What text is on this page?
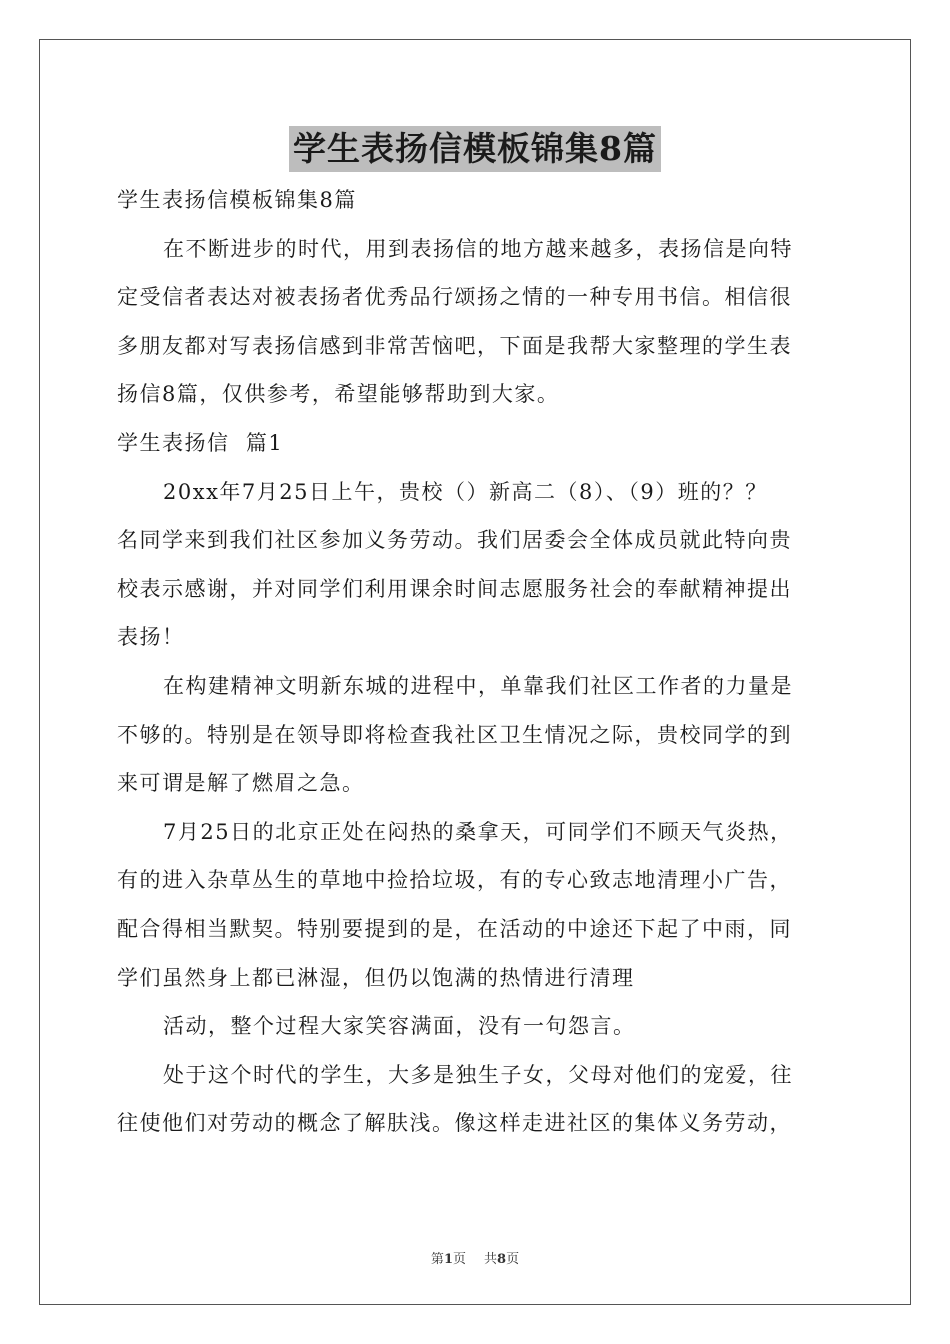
学生表扬信模板锦集8篇
学生表扬信模板锦集8篇
在不断进步的时代，用到表扬信的地方越来越多，表扬信是向特
定受信者表达对被表扬者优秀品行颂扬之情的一种专用书信。相信很
多朋友都对写表扬信感到非常苦恼吧，下面是我帮大家整理的学生表
扬信8篇，仅供参考，希望能够帮助到大家。
学生表扬信  篇1
20xx年7月25日上午，贵校（）新高二（8）、（9）班的？？
名同学来到我们社区参加义务劳动。我们居委会全体成员就此特向贵
校表示感谢，并对同学们利用课余时间志愿服务社会的奉献精神提出
表扬！
在构建精神文明新东城的进程中，单靠我们社区工作者的力量是
不够的。特别是在领导即将检查我社区卫生情况之际，贵校同学的到
来可谓是解了燃眉之急。
7月25日的北京正处在闷热的桑拿天，可同学们不顾天气炎热，
有的进入杂草丛生的草地中捡拾垃圾，有的专心致志地清理小广告，
配合得相当默契。特别要提到的是，在活动的中途还下起了中雨，同
学们虽然身上都已淋湿，但仍以饱满的热情进行清理
活动，整个过程大家笑容满面，没有一句怨言。
处于这个时代的学生，大多是独生子女，父母对他们的宠爱，往
往使他们对劳动的概念了解肤浅。像这样走进社区的集体义务劳动，
第1页 共8页
